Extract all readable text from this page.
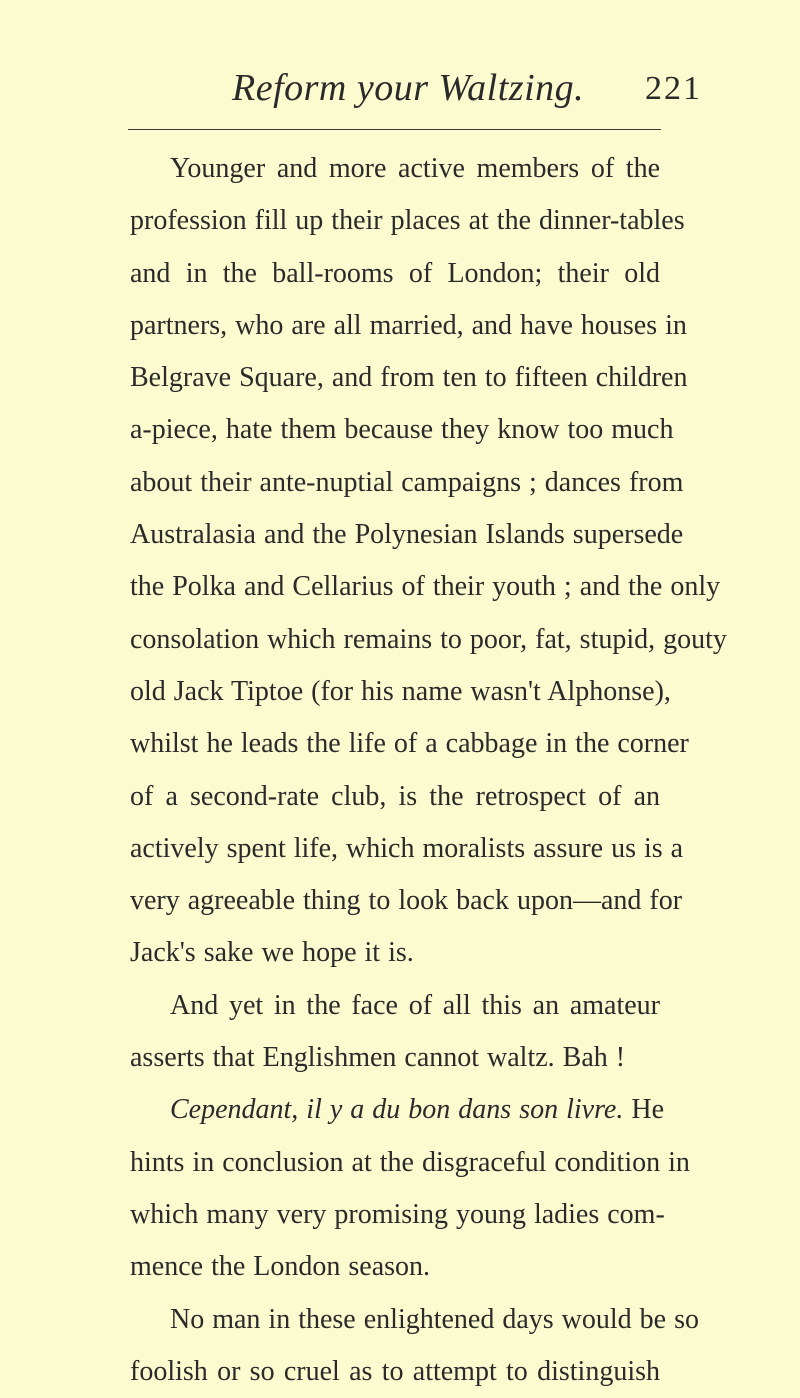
Reform your Waltzing. 221
Younger and more active members of the
profession fill up their places at the dinner-tables
and in the ball-rooms of London; their old
partners, who are all married, and have houses in
Belgrave Square, and from ten to fifteen children
a-piece, hate them because they know too much
about their ante-nuptial campaigns ; dances from
Australasia and the Polynesian Islands supersede
the Polka and Cellarius of their youth ; and the only
consolation which remains to poor, fat, stupid, gouty
old Jack Tiptoe (for his name wasn't Alphonse),
whilst he leads the life of a cabbage in the corner
of a second-rate club, is the retrospect of an
actively spent life, which moralists assure us is a
very agreeable thing to look back upon—and for
Jack's sake we hope it is.
And yet in the face of all this an amateur
asserts that Englishmen cannot waltz. Bah !
Cependant, il y a du bon dans son livre. He
hints in conclusion at the disgraceful condition in
which many very promising young ladies com-
mence the London season.
No man in these enlightened days would be so
foolish or so cruel as to attempt to distinguish
